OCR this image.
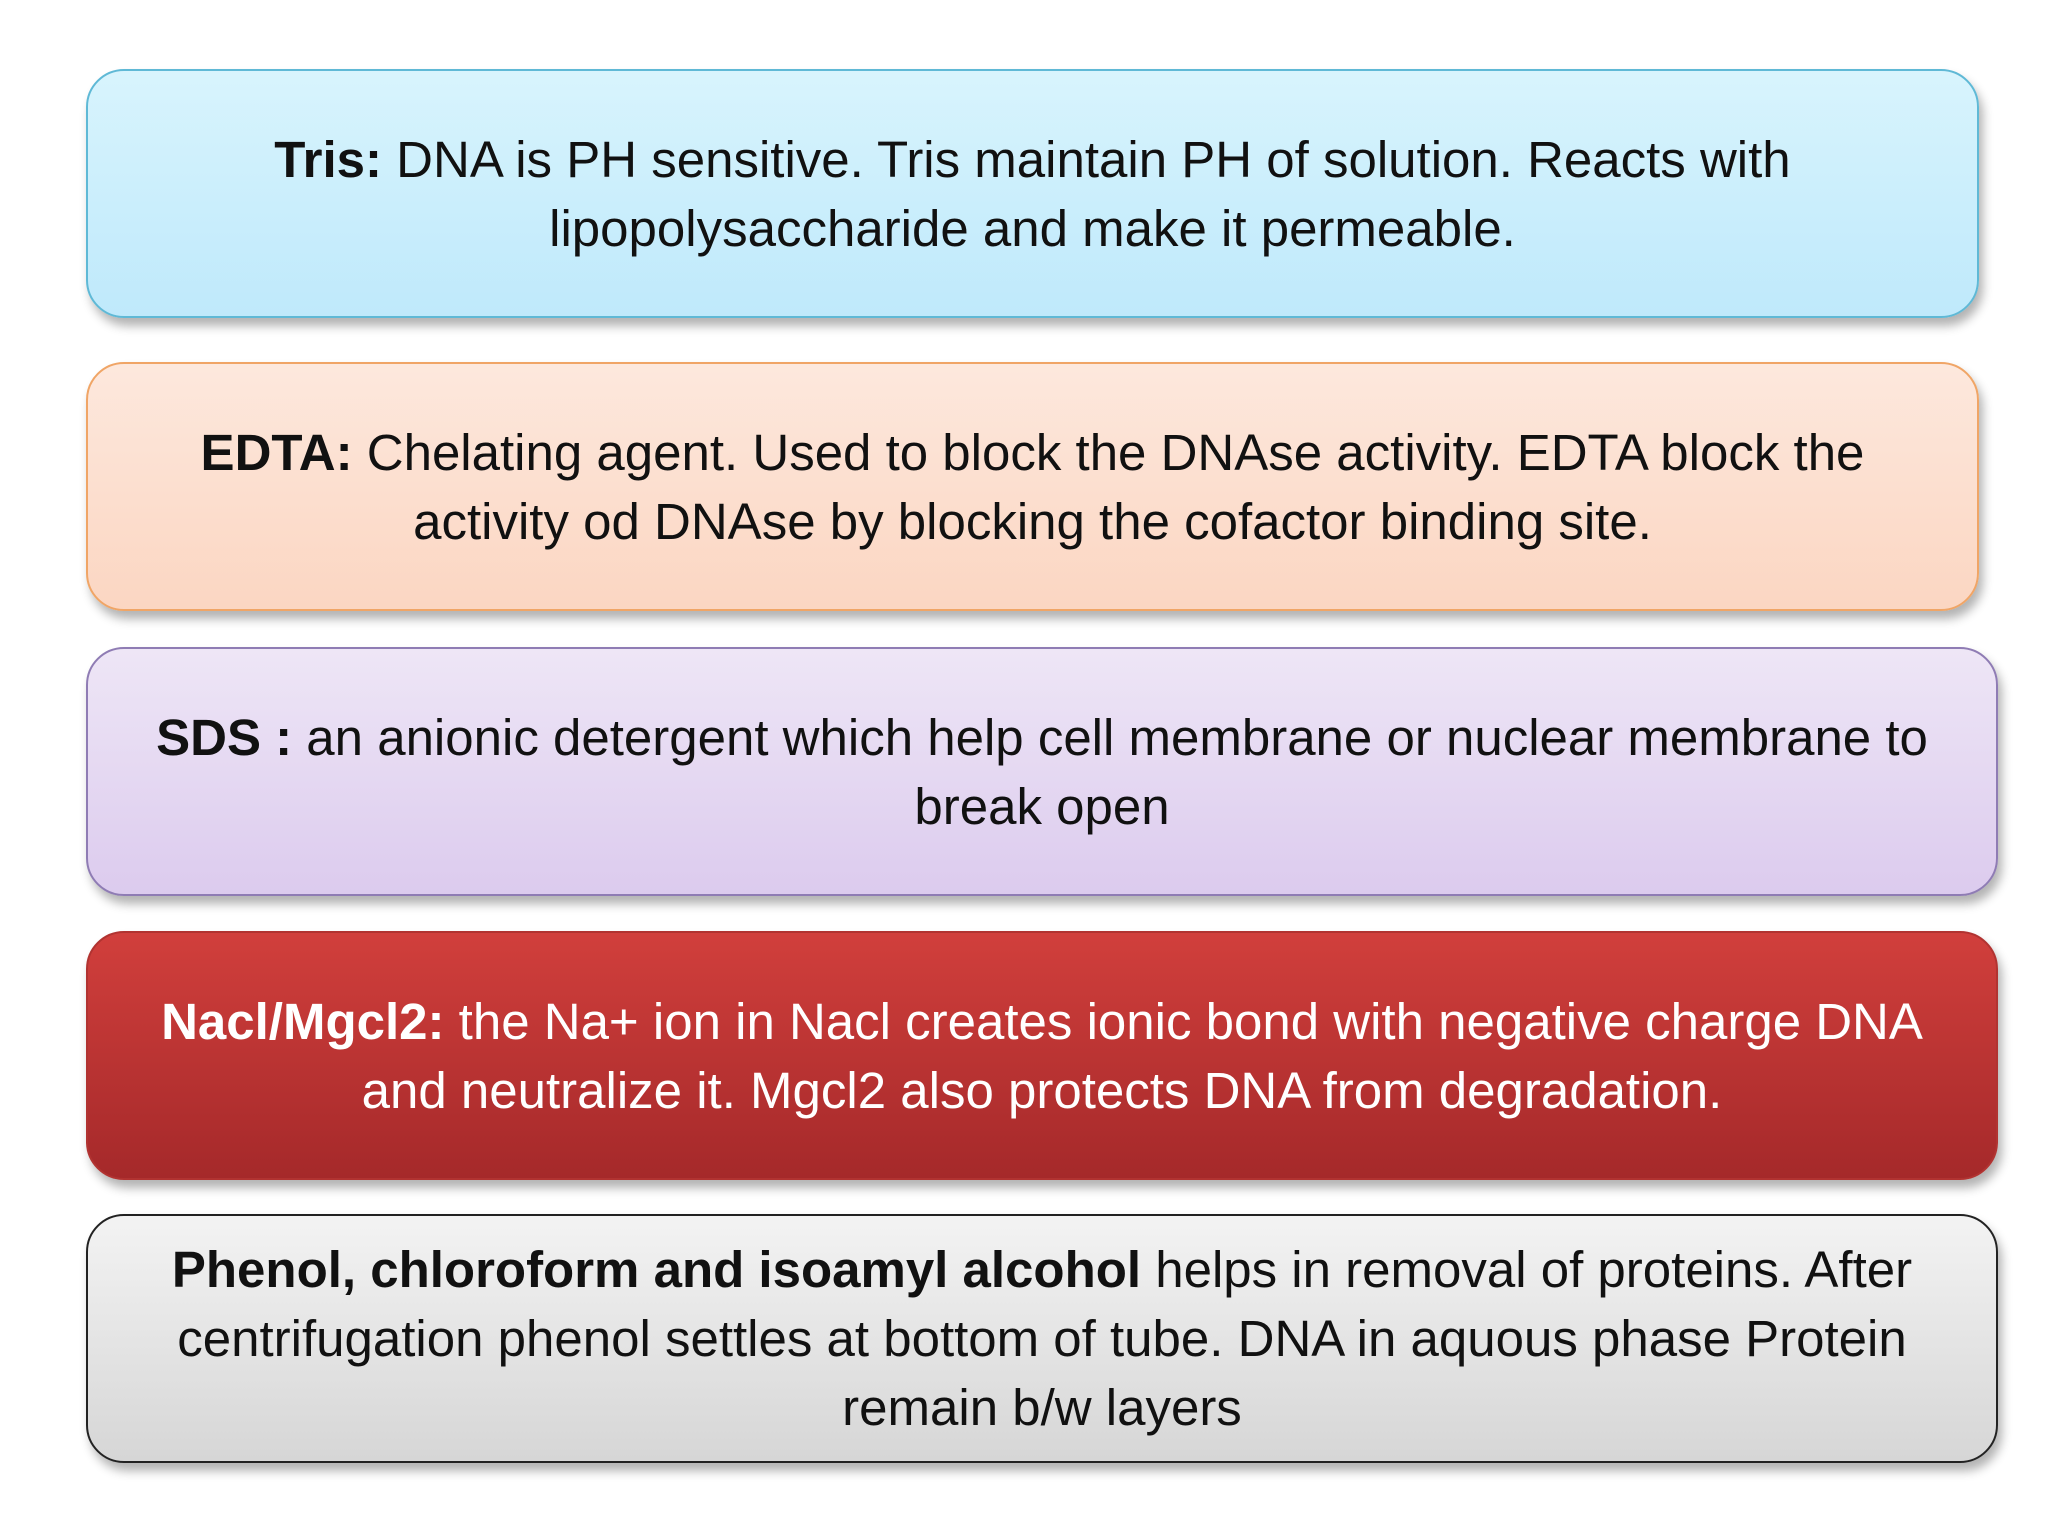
Tris: DNA is PH sensitive. Tris maintain PH of solution. Reacts with lipopolysaccharide and make it permeable.

EDTA: Chelating agent. Used to block the DNAse activity. EDTA block the activity od DNAse by blocking the cofactor binding site.

SDS : an anionic detergent which help cell membrane or nuclear membrane to break open

Nacl/Mgcl2: the Na+ ion in Nacl creates ionic bond with negative charge DNA and neutralize it. Mgcl2 also protects DNA from degradation.

Phenol, chloroform and isoamyl alcohol helps in removal of proteins. After centrifugation phenol settles at bottom of tube. DNA in aquous phase Protein remain b/w layers
